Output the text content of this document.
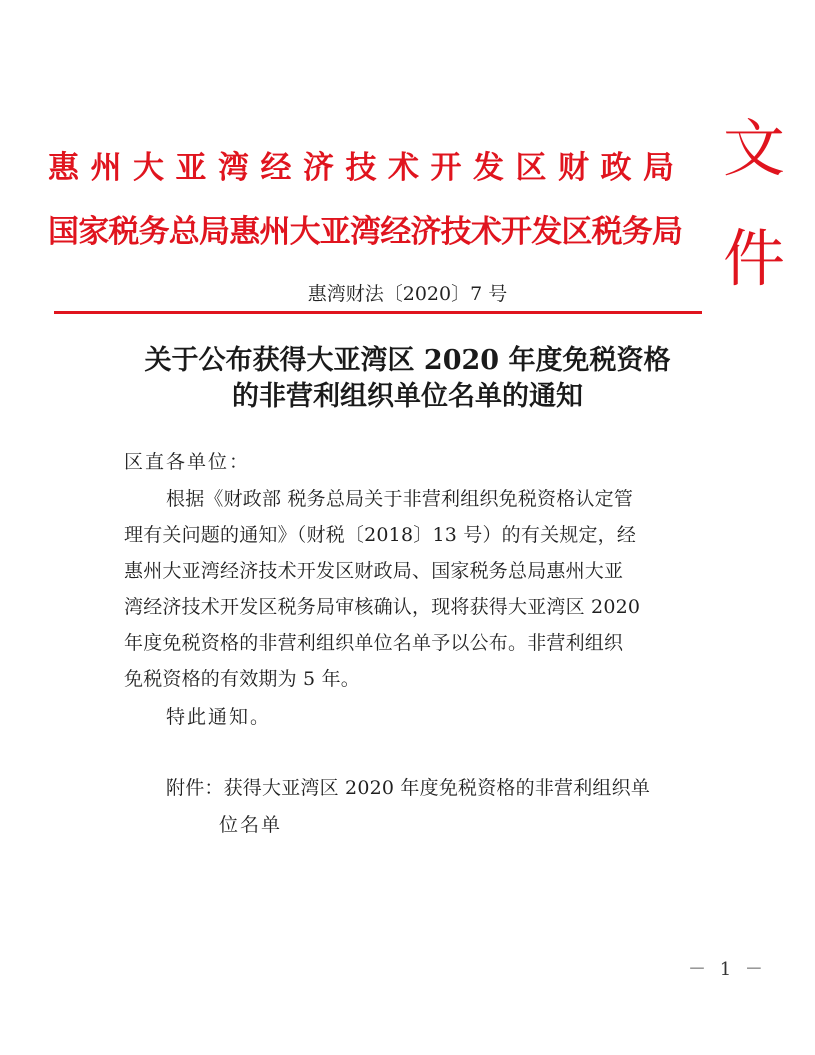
惠州大亚湾经济技术开发区财政局
国家税务总局惠州大亚湾经济技术开发区税务局
文
件
惠湾财法〔2020〕7 号
关于公布获得大亚湾区 2020 年度免税资格
的非营利组织单位名单的通知
区直各单位：
根据《财政部 税务总局关于非营利组织免税资格认定管
理有关问题的通知》（财税〔2018〕13 号）的有关规定，经
惠州大亚湾经济技术开发区财政局、国家税务总局惠州大亚
湾经济技术开发区税务局审核确认，现将获得大亚湾区 2020
年度免税资格的非营利组织单位名单予以公布。非营利组织
免税资格的有效期为 5 年。
特此通知。
附件：获得大亚湾区 2020 年度免税资格的非营利组织单
位名单
－ 1 －
